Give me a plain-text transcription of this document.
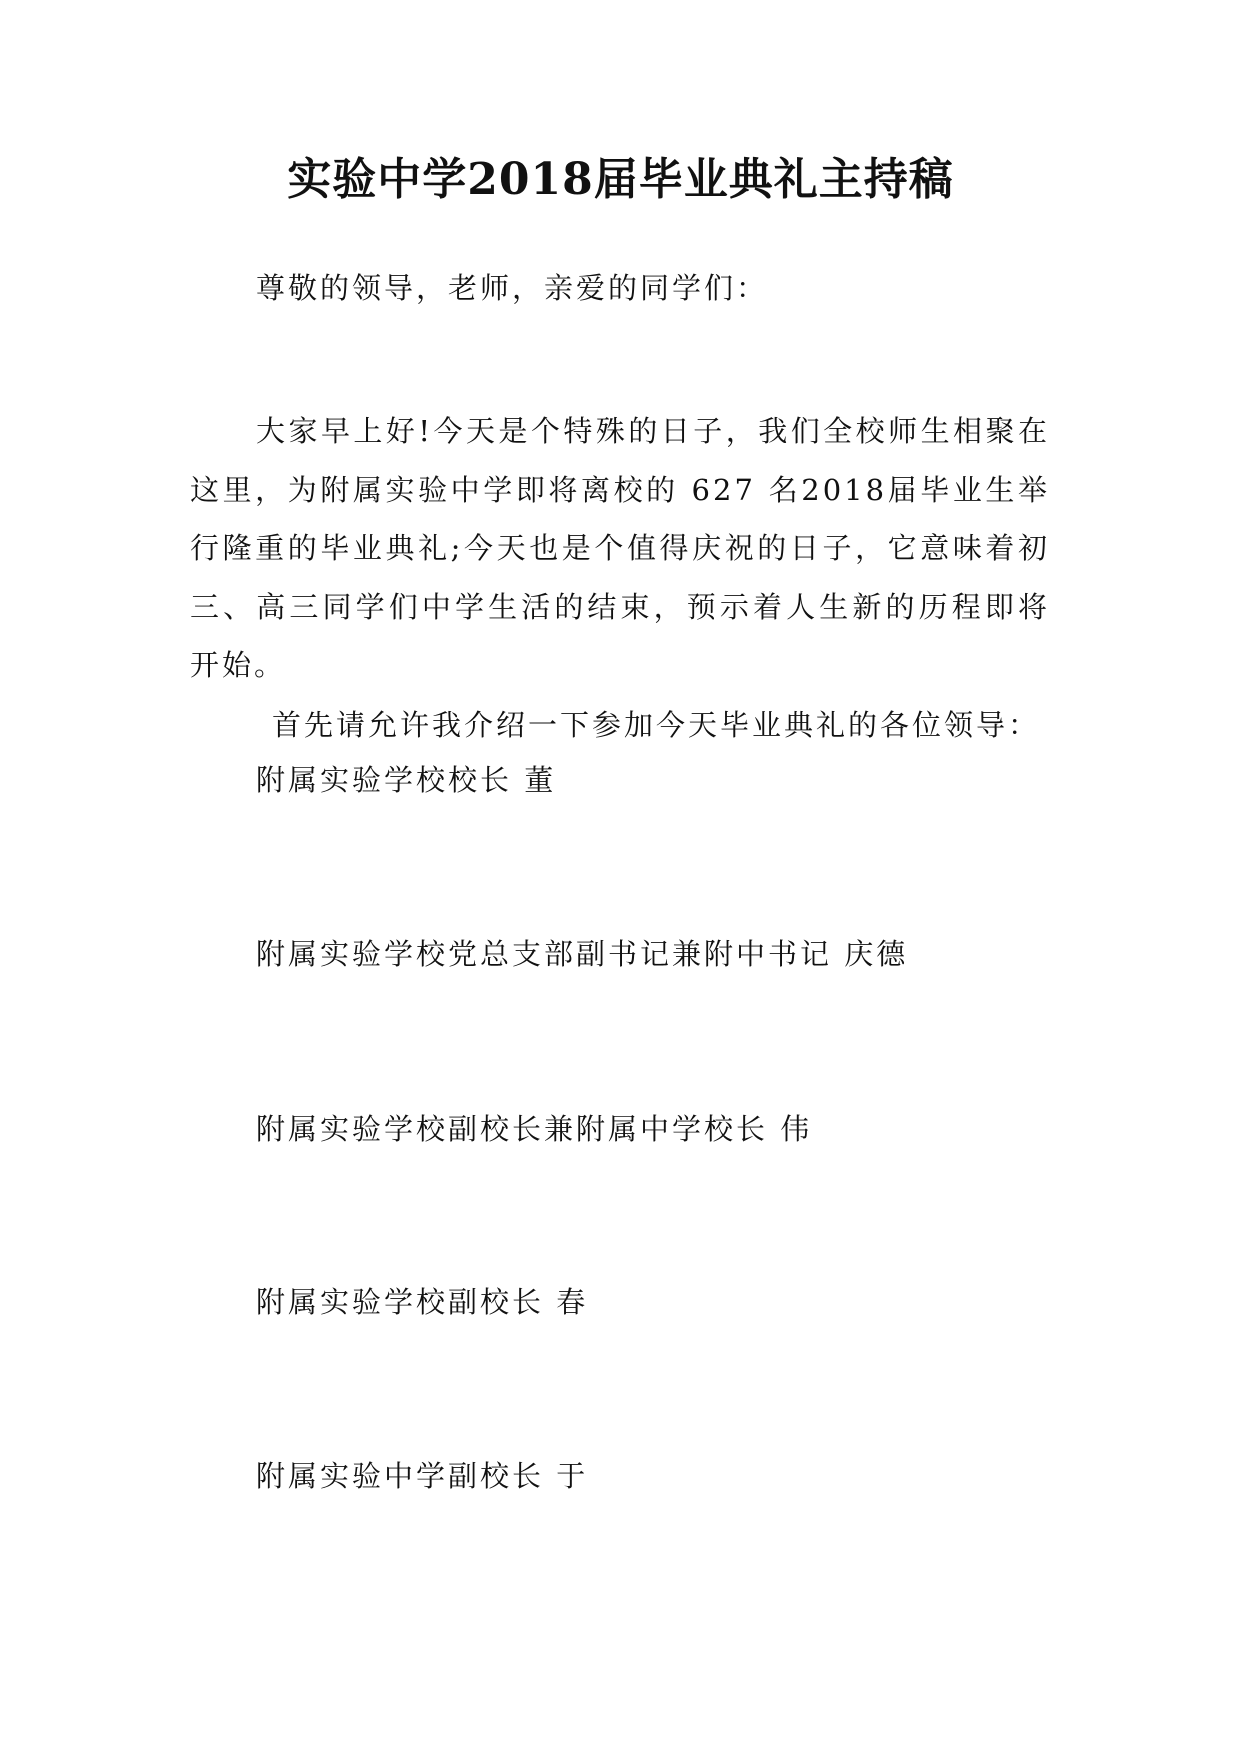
实验中学2018届毕业典礼主持稿
尊敬的领导，老师，亲爱的同学们：

大家早上好!今天是个特殊的日子，我们全校师生相聚在这里，为附属实验中学即将离校的 627 名2018届毕业生举行隆重的毕业典礼;今天也是个值得庆祝的日子，它意味着初三、高三同学们中学生活的结束，预示着人生新的历程即将开始。

首先请允许我介绍一下参加今天毕业典礼的各位领导：
附属实验学校校长 董
附属实验学校党总支部副书记兼附中书记 庆德
附属实验学校副校长兼附属中学校长 伟
附属实验学校副校长 春
附属实验中学副校长 于
